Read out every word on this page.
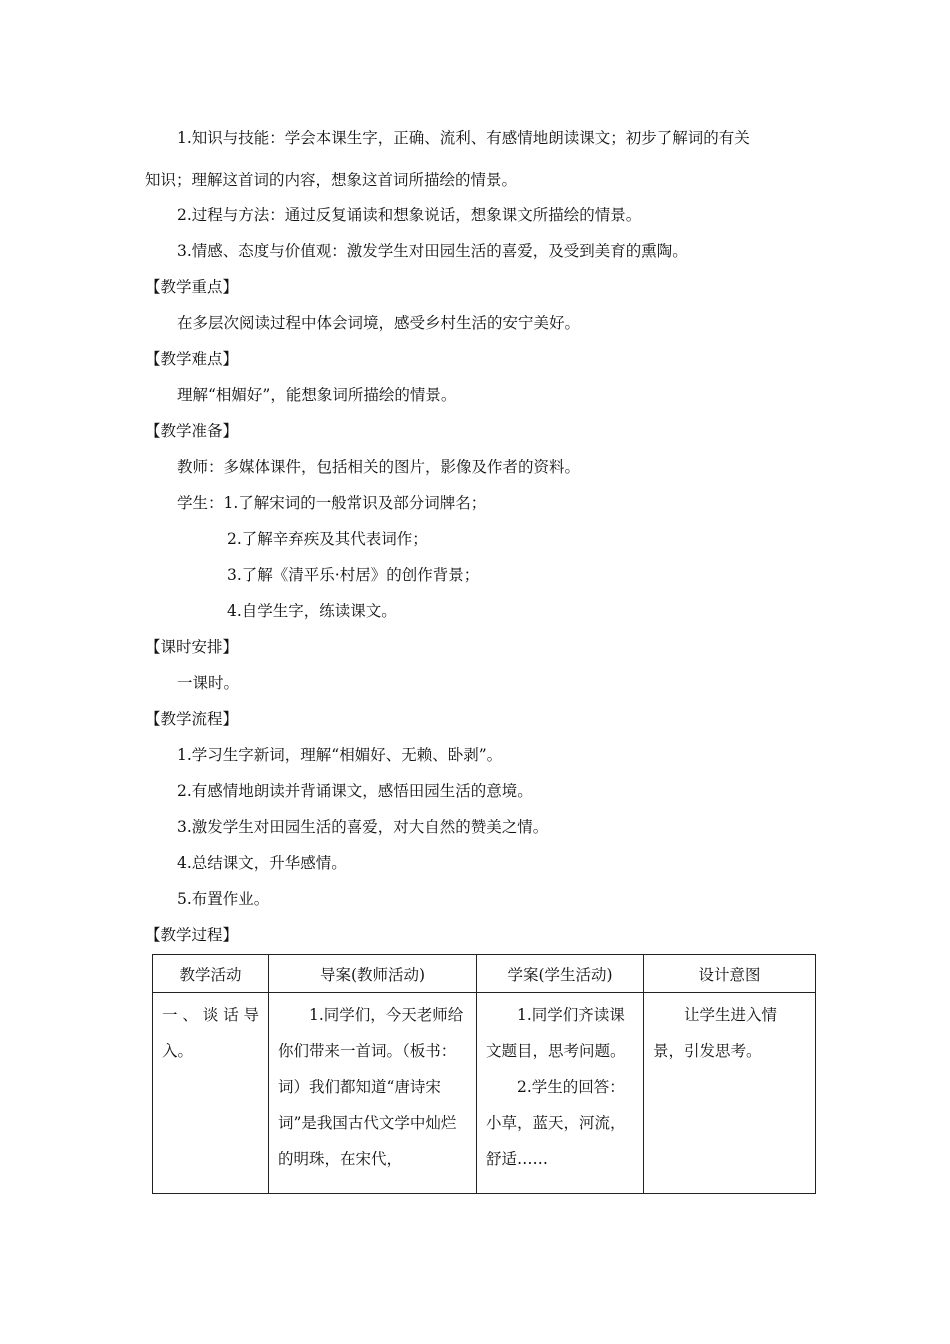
1.知识与技能：学会本课生字，正确、流利、有感情地朗读课文；初步了解词的有关
知识；理解这首词的内容，想象这首词所描绘的情景。
2.过程与方法：通过反复诵读和想象说话，想象课文所描绘的情景。
3.情感、态度与价值观：激发学生对田园生活的喜爱，及受到美育的熏陶。
【教学重点】
在多层次阅读过程中体会词境，感受乡村生活的安宁美好。
【教学难点】
理解“相媚好”，能想象词所描绘的情景。
【教学准备】
教师：多媒体课件，包括相关的图片，影像及作者的资料。
学生：1.了解宋词的一般常识及部分词牌名；
2.了解辛弃疾及其代表词作；
3.了解《清平乐·村居》的创作背景；
4.自学生字，练读课文。
【课时安排】
一课时。
【教学流程】
1.学习生字新词，理解“相媚好、无赖、卧剥”。
2.有感情地朗读并背诵课文，感悟田园生活的意境。
3.激发学生对田园生活的喜爱，对大自然的赞美之情。
4.总结课文，升华感情。
5.布置作业。
【教学过程】
教学活动	导案(教师活动)	学案(学生活动)	设计意图

一、谈话导入。	1.同学们，今天老师给你们带来一首词。（板书：词）我们都知道“唐诗宋词”是我国古代文学中灿烂的明珠，在宋代，	1.同学们齐读课文题目，思考问题。
2.学生的回答：小草，蓝天，河流，舒适……	让学生进入情景，引发思考。
